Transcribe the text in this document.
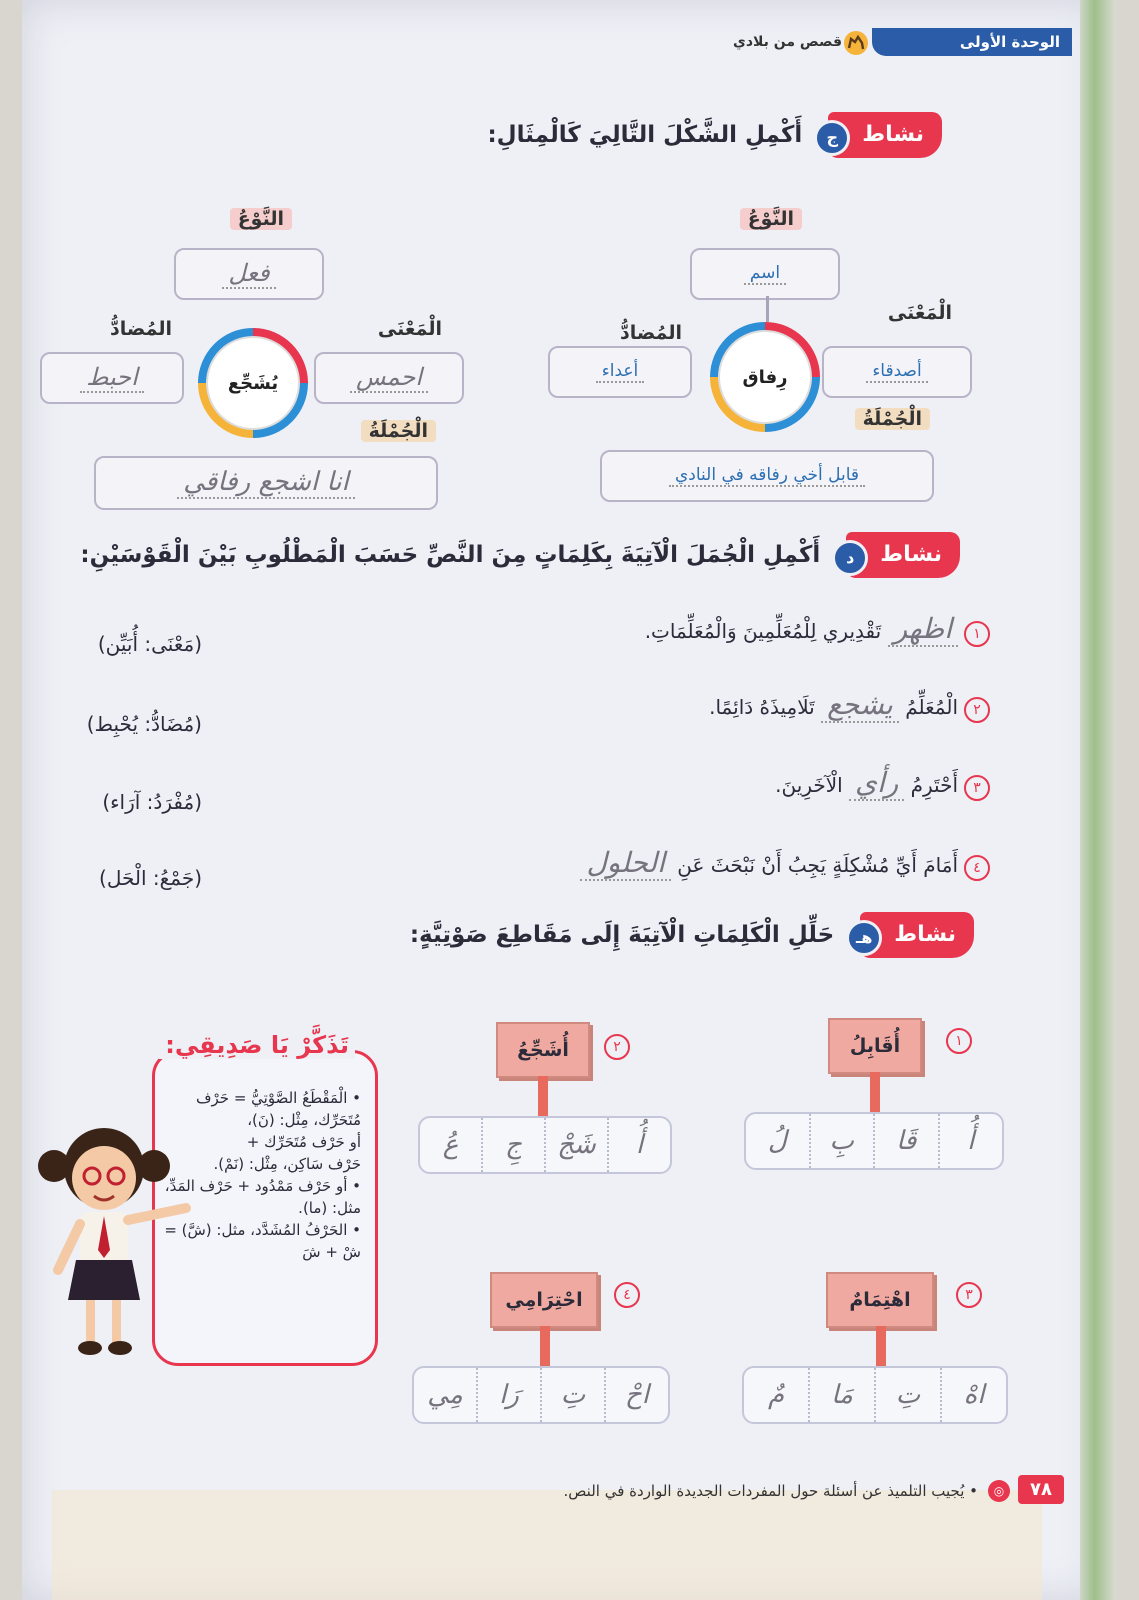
الوحدة الأولى
قصص من بلادي
نشاط
ج
أَكْمِلِ الشَّكْلَ التَّالِيَ كَالْمِثَالِ:
النَّوْعُ
اسم
الْمَعْنَى
المُضادُّ
أصدقاء
أعداء	رِفاق
الْجُمْلَةُ
قابل أخي رفاقه في النادي
النَّوْعُ
فعل
الْمَعْنَى
المُضادُّ
احمس
احبط	يُشَجِّع
الْجُمْلَةُ
انا اشجع رفاقي
نشاط
د
أَكْمِلِ الْجُمَلَ الْآتِيَةَ بِكَلِمَاتٍ مِنَ النَّصِّ حَسَبَ الْمَطْلُوبِ بَيْنَ الْقَوْسَيْنِ:
١اظهر تَقْدِيري لِلْمُعَلِّمِينَ وَالْمُعَلِّمَاتِ.
(مَعْنَى: أُبَيِّن)
٢الْمُعَلِّمُ يشجع تَلَامِيذَهُ دَائِمًا.
(مُضَادُّ: يُحْبِط)
٣أَحْتَرِمُ رأي الْآخَرِينَ.
(مُفْرَدُ: آرَاء)
٤أَمَامَ أَيِّ مُشْكِلَةٍ يَجِبُ أَنْ نَبْحَثَ عَنِ الحلول
(جَمْعُ: الْحَل)
نشاط
هـ
حَلِّلِ الْكَلِمَاتِ الْآتِيَةَ إِلَى مَقَاطِعَ صَوْتِيَّةٍ:
١
أُقَابِلُ
أُ
قَا
بِ
لُ
٢
أُشَجِّعُ
أُ
شَجْ
جِ
عُ
٣
اهْتِمَامٌ
اهْ
تِ
مَا
مٌ
٤
احْتِرَامِي
احْ
تِ
رَا
مِي
تَذَكَّرْ يَا صَدِيقِي:
• الْمَقْطَعُ الصَّوْتِيُّ = حَرْف
مُتَحَرِّك، مِثْل: (نَ)،
أو حَرْف مُتَحَرِّك +
حَرْف سَاكِن، مِثْل: (نَمْ).
• أو حَرْف مَمْدُود + حَرْف المَدِّ،
مثل: (ما).
• الحَرْفُ المُشَدَّد، مثل: (شَّ) =
شْ + شَ
٧٨
◎
• يُجيب التلميذ عن أسئلة حول المفردات الجديدة الواردة في النص.
